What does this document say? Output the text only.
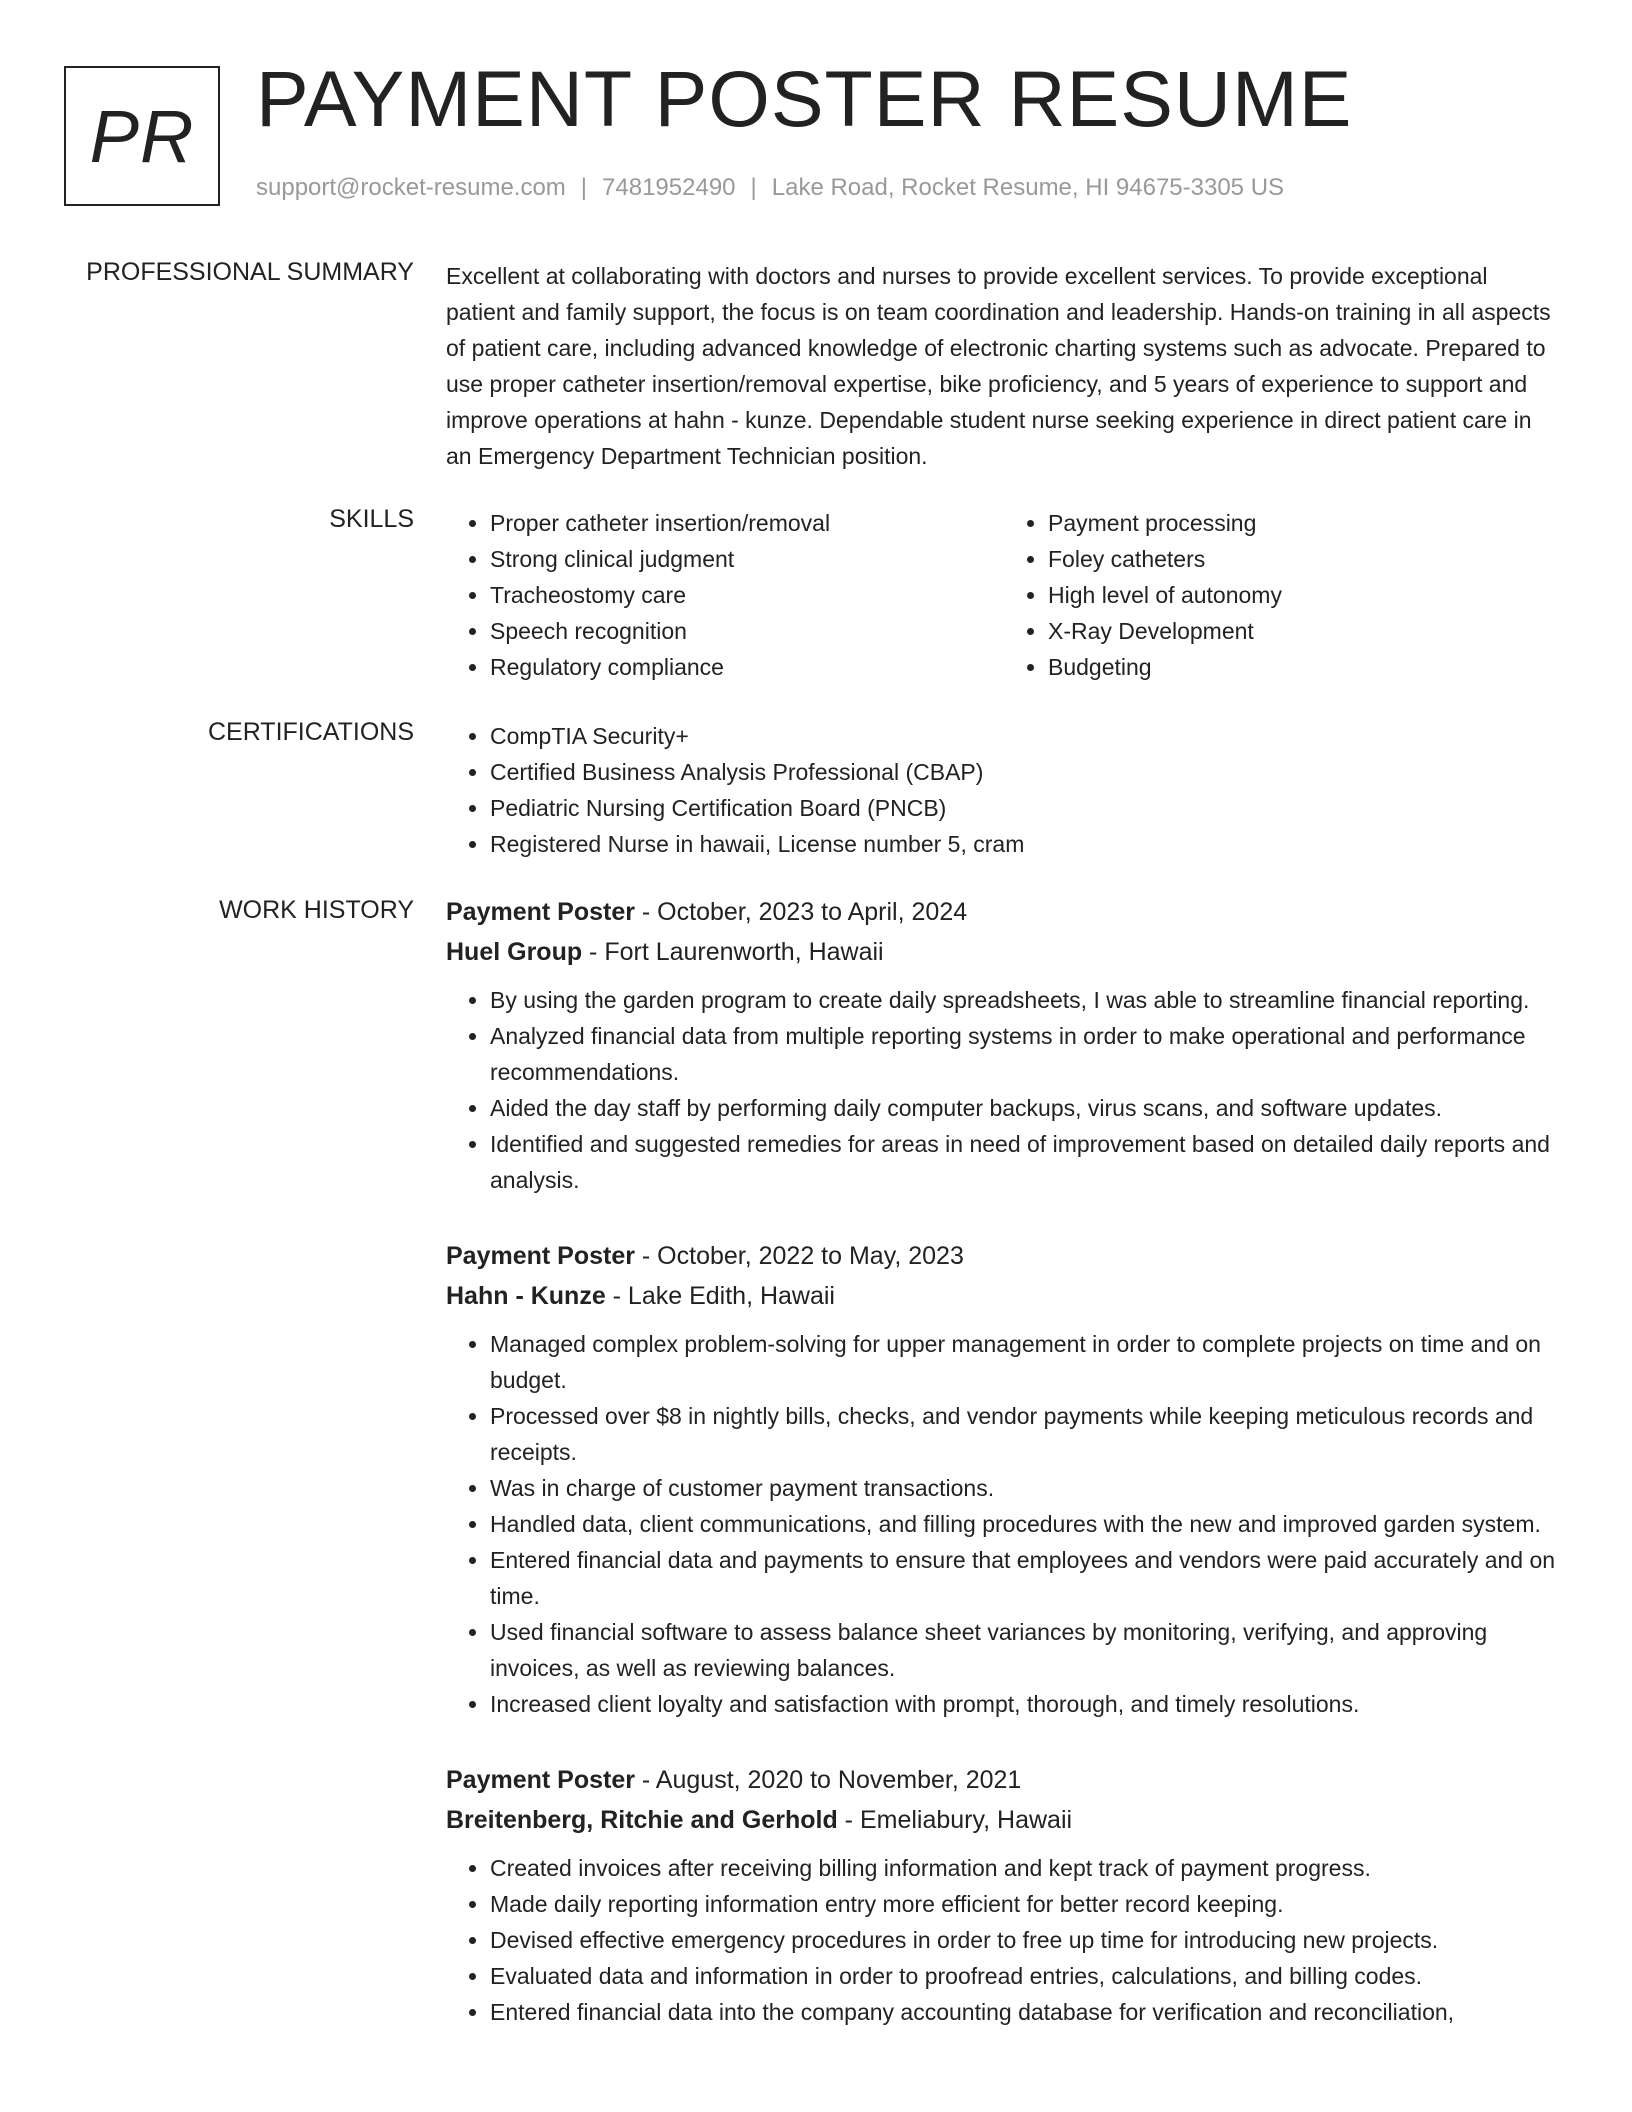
PR PAYMENT POSTER RESUME
support@rocket-resume.com | 7481952490 | Lake Road, Rocket Resume, HI 94675-3305 US
PROFESSIONAL SUMMARY Excellent at collaborating with doctors and nurses to provide excellent services. To provide exceptional patient and family support, the focus is on team coordination and leadership. Hands-on training in all aspects of patient care, including advanced knowledge of electronic charting systems such as advocate. Prepared to use proper catheter insertion/removal expertise, bike proficiency, and 5 years of experience to support and improve operations at hahn - kunze. Dependable student nurse seeking experience in direct patient care in an Emergency Department Technician position.
SKILLS	• Proper catheter insertion/removal
• Strong clinical judgment
• Tracheostomy care
• Speech recognition
• Regulatory compliance
• Payment processing
• Foley catheters
• High level of autonomy
• X-Ray Development
• Budgeting
CERTIFICATIONS	• CompTIA Security+
• Certified Business Analysis Professional (CBAP)
• Pediatric Nursing Certification Board (PNCB)
• Registered Nurse in hawaii, License number 5, cram
WORK HISTORY Payment Poster - October, 2023 to April, 2024
Huel Group - Fort Laurenworth, Hawaii
• By using the garden program to create daily spreadsheets, I was able to streamline financial reporting.
• Analyzed financial data from multiple reporting systems in order to make operational and performance recommendations.
• Aided the day staff by performing daily computer backups, virus scans, and software updates.
• Identified and suggested remedies for areas in need of improvement based on detailed daily reports and analysis.
Payment Poster - October, 2022 to May, 2023
Hahn - Kunze - Lake Edith, Hawaii
• Managed complex problem-solving for upper management in order to complete projects on time and on budget.
• Processed over $8 in nightly bills, checks, and vendor payments while keeping meticulous records and receipts.
• Was in charge of customer payment transactions.
• Handled data, client communications, and filling procedures with the new and improved garden system.
• Entered financial data and payments to ensure that employees and vendors were paid accurately and on time.
• Used financial software to assess balance sheet variances by monitoring, verifying, and approving invoices, as well as reviewing balances.
• Increased client loyalty and satisfaction with prompt, thorough, and timely resolutions.
Payment Poster - August, 2020 to November, 2021
Breitenberg, Ritchie and Gerhold - Emeliabury, Hawaii
• Created invoices after receiving billing information and kept track of payment progress.
• Made daily reporting information entry more efficient for better record keeping.
• Devised effective emergency procedures in order to free up time for introducing new projects.
• Evaluated data and information in order to proofread entries, calculations, and billing codes.
• Entered financial data into the company accounting database for verification and reconciliation,
